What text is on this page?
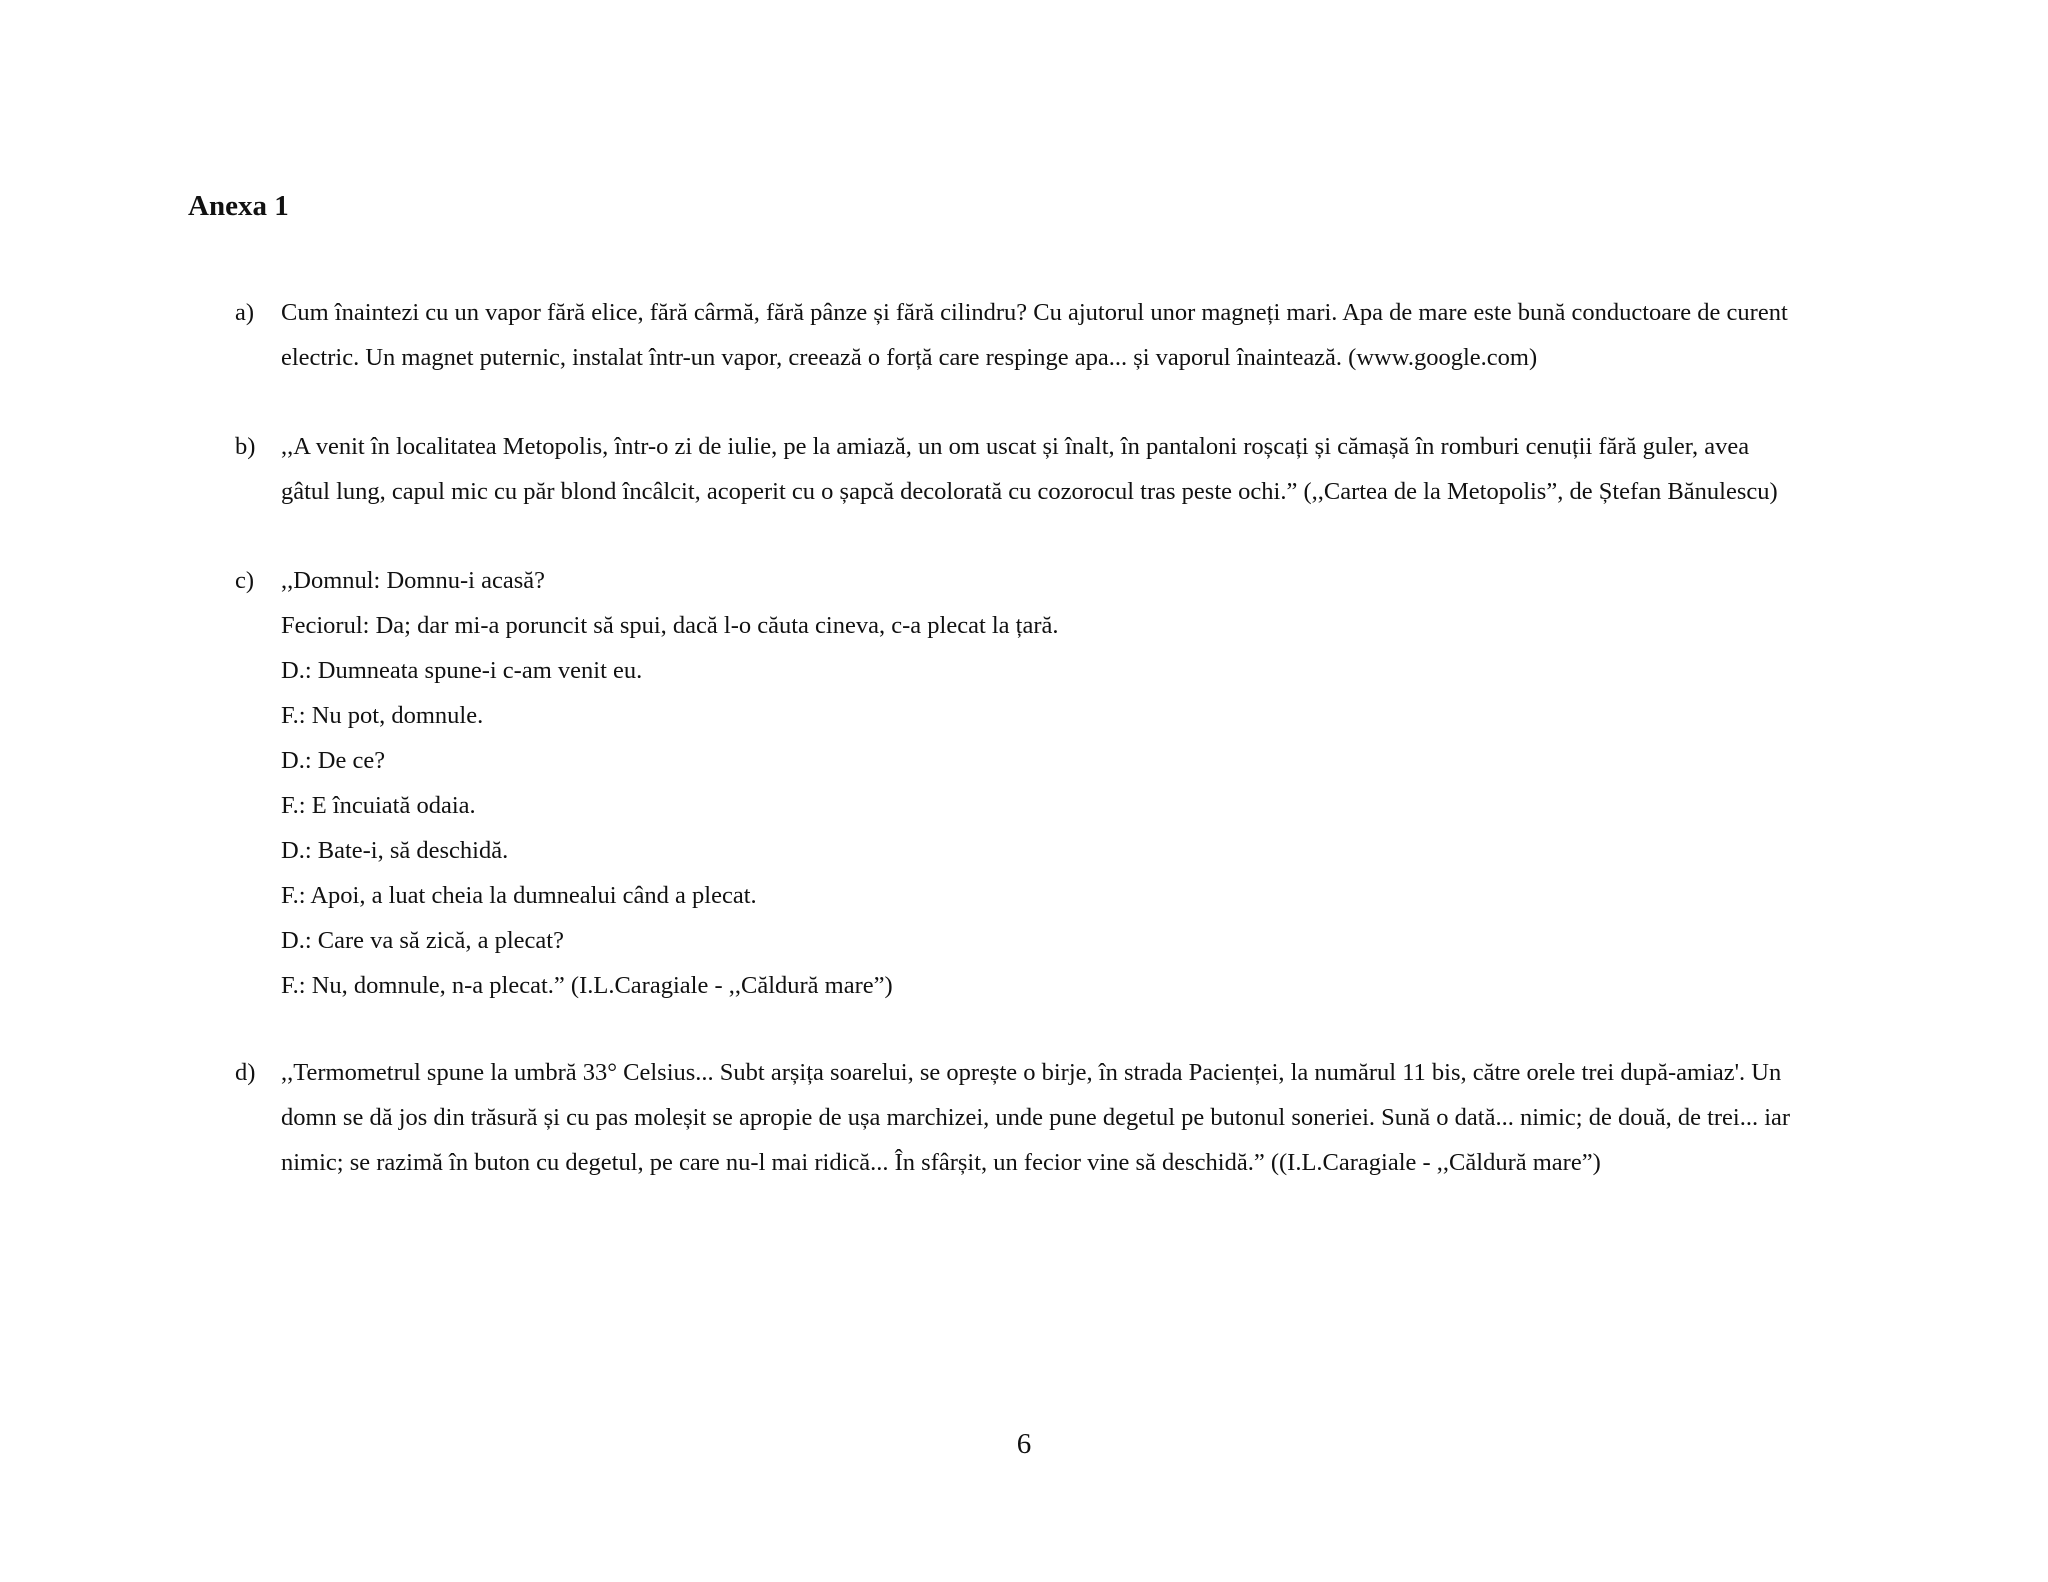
Anexa 1
a)	Cum înaintezi cu un vapor fără elice, fără cârmă, fără pânze și fără cilindru? Cu ajutorul unor magneți mari. Apa de mare este bună conductoare de curent
electric. Un magnet puternic, instalat într-un vapor, creează o forță care respinge apa... și vaporul înaintează. (www.google.com)
b)	,,A venit în localitatea Metopolis, într-o zi de iulie, pe la amiază, un om uscat și înalt, în pantaloni roșcați și cămașă în romburi cenuții fără guler, avea
gâtul lung, capul mic cu păr blond încâlcit, acoperit cu o șapcă decolorată cu cozorocul tras peste ochi.” (,,Cartea de la Metopolis”, de Ștefan Bănulescu)
c)	,,Domnul: Domnu-i acasă?
Feciorul: Da; dar mi-a poruncit să spui, dacă l-o căuta cineva, c-a plecat la țară.
D.: Dumneata spune-i c-am venit eu.
F.: Nu pot, domnule.
D.: De ce?
F.: E încuiată odaia.
D.: Bate-i, să deschidă.
F.: Apoi, a luat cheia la dumnealui când a plecat.
D.: Care va să zică, a plecat?
F.: Nu, domnule, n-a plecat.” (I.L.Caragiale - ,,Căldură mare”)
d)	,,Termometrul spune la umbră 33° Celsius... Subt arșița soarelui, se oprește o birje, în strada Pacienței, la numărul 11 bis, către orele trei după-amiaz'. Un
domn se dă jos din trăsură și cu pas moleșit se apropie de ușa marchizei, unde pune degetul pe butonul soneriei. Sună o dată... nimic; de două, de trei... iar
nimic; se razimă în buton cu degetul, pe care nu-l mai ridică... În sfârșit, un fecior vine să deschidă.” ((I.L.Caragiale - ,,Căldură mare”)
6
